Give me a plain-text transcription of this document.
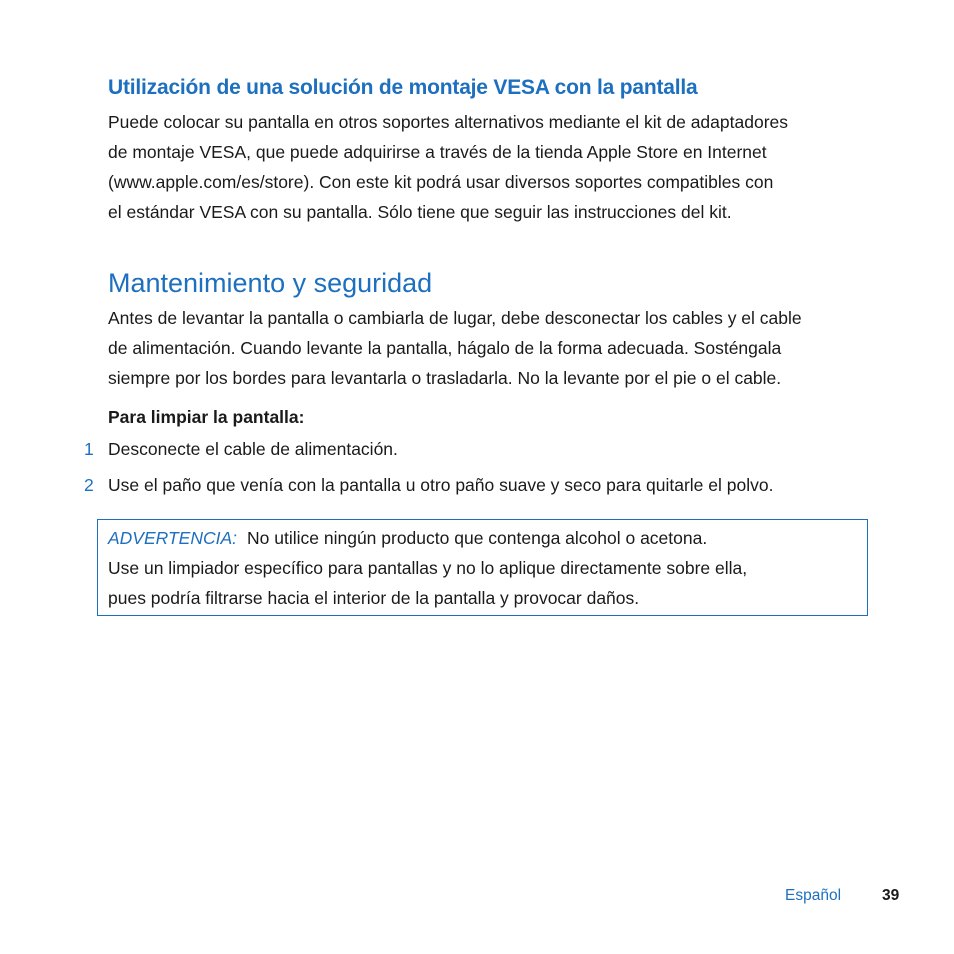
Utilización de una solución de montaje VESA con la pantalla
Puede colocar su pantalla en otros soportes alternativos mediante el kit de adaptadores
de montaje VESA, que puede adquirirse a través de la tienda Apple Store en Internet
(www.apple.com/es/store). Con este kit podrá usar diversos soportes compatibles con
el estándar VESA con su pantalla. Sólo tiene que seguir las instrucciones del kit.
Mantenimiento y seguridad
Antes de levantar la pantalla o cambiarla de lugar, debe desconectar los cables y el cable
de alimentación. Cuando levante la pantalla, hágalo de la forma adecuada. Sosténgala
siempre por los bordes para levantarla o trasladarla. No la levante por el pie o el cable.
Para limpiar la pantalla:
1 Desconecte el cable de alimentación.
2 Use el paño que venía con la pantalla u otro paño suave y seco para quitarle el polvo.
ADVERTENCIA: No utilice ningún producto que contenga alcohol o acetona.
Use un limpiador específico para pantallas y no lo aplique directamente sobre ella,
pues podría filtrarse hacia el interior de la pantalla y provocar daños.
Español	39
